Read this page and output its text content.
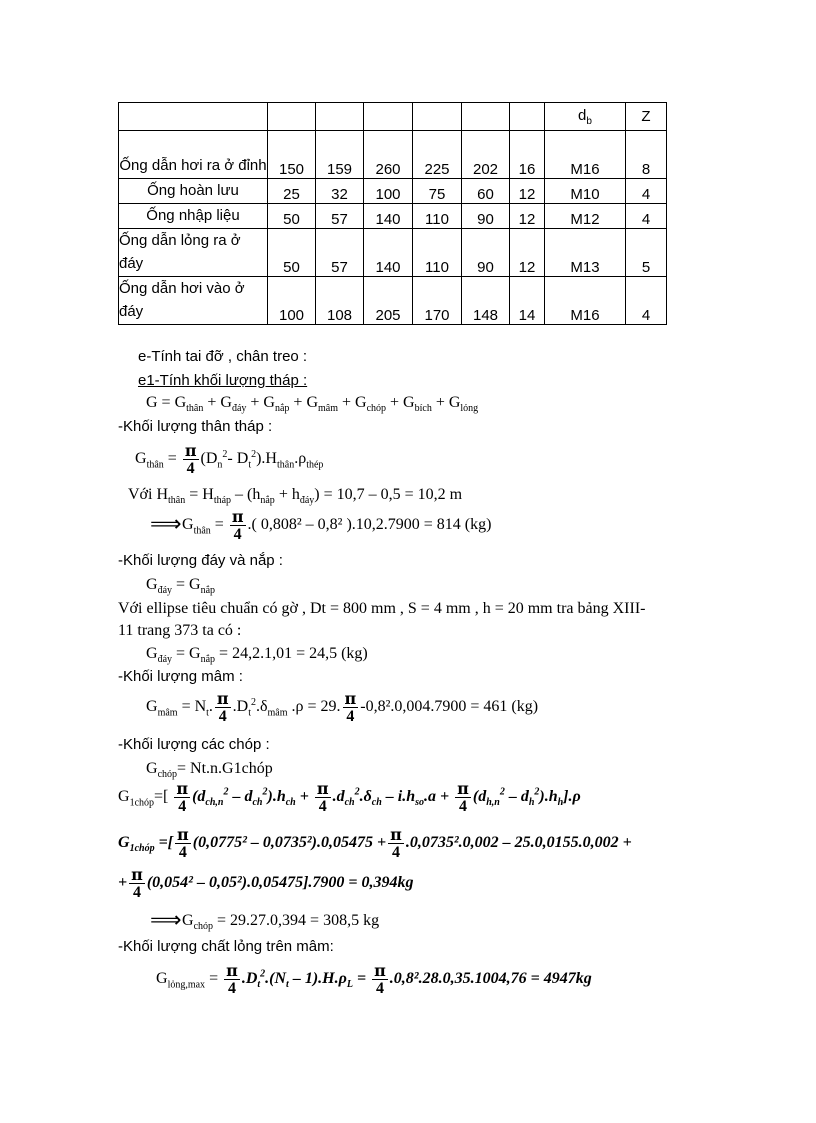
							$d_b$	Z
Ống dẫn hơi ra ở đỉnh	150	159	260	225	202	16	M16	8
Ống hoàn lưu	25	32	100	75	60	12	M10	4
Ống nhập liệu	50	57	140	110	90	12	M12	4
Ống dẫn lỏng ra ở đáy	50	57	140	110	90	12	M13	5
Ống dẫn hơi vào ở đáy	100	108	205	170	148	14	M16	4
e-Tính tai đỡ , chân treo :
e1-Tính khối lượng tháp :
$G = G_{thân} + G_{đáy} + G_{nắp} + G_{mâm} + G_{chóp} + G_{bích} + G_{lỏng}$
-Khối lượng thân tháp :
$G_{thân} = \frac{\pi}{4} (D_n^2-$ $D_t^2).H_{thân}.\rho_{thép}$
Với $H_{thân} = H_{tháp} - (h_{nắp} + h_{đáy}) = 10,7 - 0,5 = 10,2$ m
$⟹G_{thân} = \frac{\pi}{4}$ .( 0,808² – 0,8² ).10,2.7900 = 814 (kg)
-Khối lượng đáy và nắp :
$G_{đáy} = G_{nắp}$
Với ellipse tiêu chuẩn có gờ , Dt = 800 mm , S = 4 mm , h = 20 mm tra bảng XIII-
11 trang 373 ta có :
$G_{đáy} = G_{nắp} = 24,2.1,01 = 24,5$ (kg)
-Khối lượng mâm :
$G_{mâm} = N_t$. $\frac{\pi}{4} .D_t^2.\delta_{mâm}$ .ρ = 29. $\frac{\pi}{4} -0,8^2.0,004.7900 = 461$ (kg)
-Khối lượng các chóp :
$G_{chóp}=$ Nt.n.G1chóp
$G_{1chóp}=[ \frac{\pi}{4} (d_{ch,n}^2 - d_{ch}^2).h_{ch} + \frac{\pi}{4} .d_{ch}^2.\delta_{ch} - i.h_{so}.a + \frac{\pi}{4} (d_{h,n}^2 - d_h^2).h_h].\rho$
$G_{1chóp}$ =[ $\frac{\pi}{4} (0,0775^2 - 0,0735^2).0,05475 + \frac{\pi}{4} .0,0735^2.0,002 - 25.0,0155.0,002$ +
+ $\frac{\pi}{4} (0,054^2 - 0,05^2).0,05475].7900 = 0,394kg$
$⟹G_{chóp} = 29.27.0,394 = 308,5$ kg
-Khối lượng chất lỏng trên mâm:
$G_{lỏng,max} = \frac{\pi}{4} .D_t^2.(N_t - 1).H.\rho_L = \frac{\pi}{4} .0,8^2.28.0,35.1004,76 = 4947kg$
